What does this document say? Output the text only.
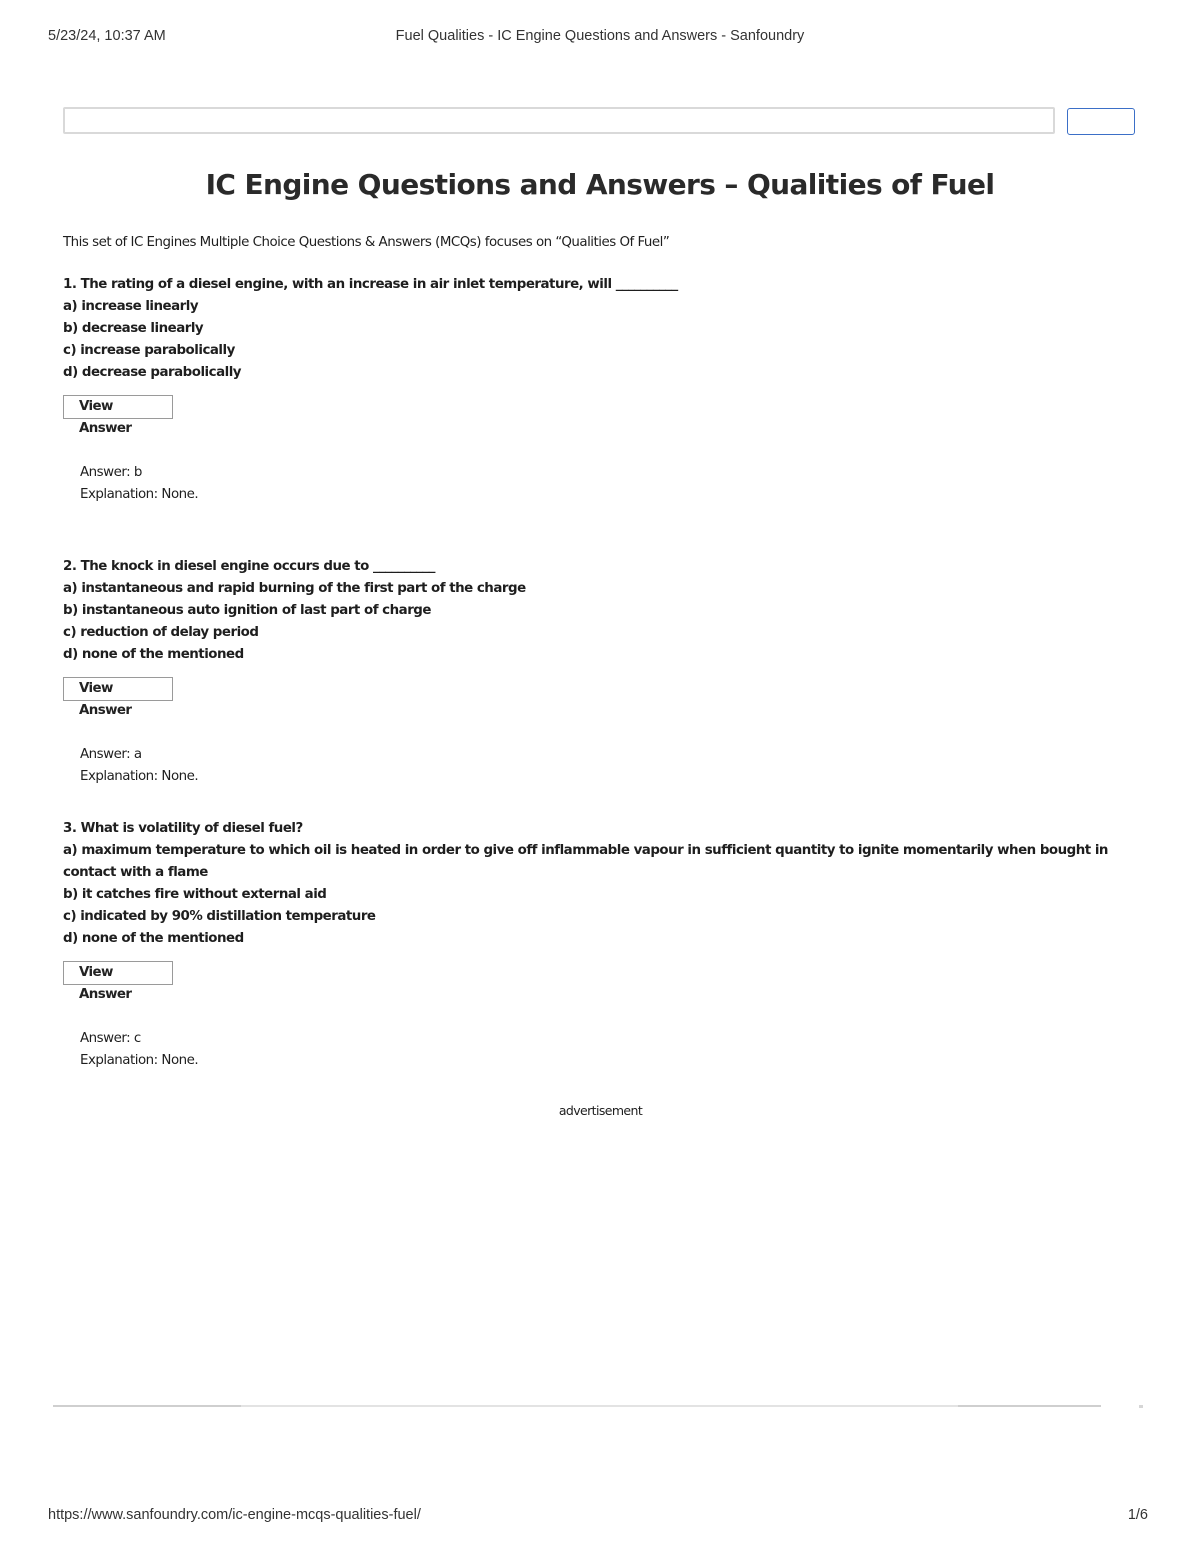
5/23/24, 10:37 AM	Fuel Qualities - IC Engine Questions and Answers - Sanfoundry
IC Engine Questions and Answers – Qualities of Fuel

This set of IC Engines Multiple Choice Questions & Answers (MCQs) focuses on “Qualities Of Fuel”

1. The rating of a diesel engine, with an increase in air inlet temperature, will __________

a) increase linearly

b) decrease linearly

c) increase parabolically

d) decrease parabolically

View Answer

Answer: b

Explanation: None.

2. The knock in diesel engine occurs due to __________

a) instantaneous and rapid burning of the first part of the charge

b) instantaneous auto ignition of last part of charge

c) reduction of delay period

d) none of the mentioned

View Answer

Answer: a

Explanation: None.

3. What is volatility of diesel fuel?

a) maximum temperature to which oil is heated in order to give off inflammable vapour in sufficient quantity to ignite momentarily when bought in contact with a flame

b) it catches fire without external aid

c) indicated by 90% distillation temperature

d) none of the mentioned

View Answer

Answer: c

Explanation: None.

advertisement

https://www.sanfoundry.com/ic-engine-mcqs-qualities-fuel/	1/6
